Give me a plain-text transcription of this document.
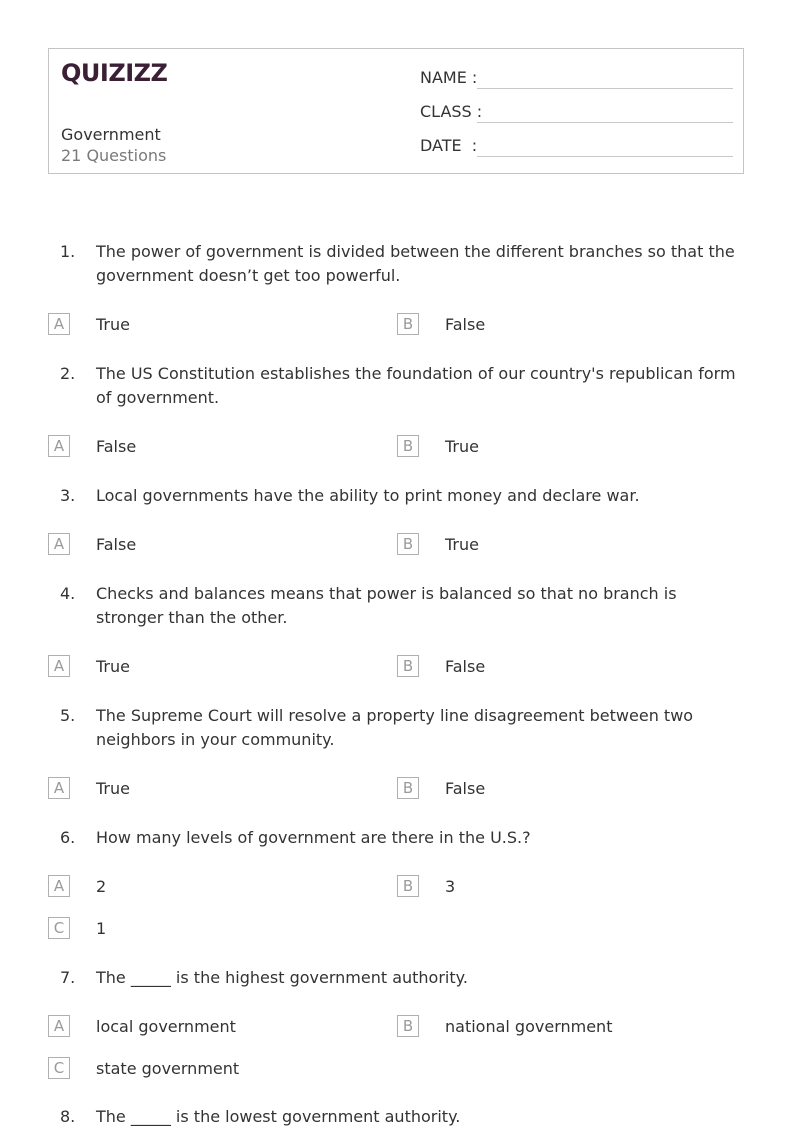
QUIZIZZ
Government
21 Questions
NAME :
CLASS :
DATE  :
1.	The power of government is divided between the different branches so that the government doesn’t get too powerful.
A	True	B	False
2.	The US Constitution establishes the foundation of our country's republican form of government.
A	False	B	True
3.	Local governments have the ability to print money and declare war.
A	False	B	True
4.	Checks and balances means that power is balanced so that no branch is stronger than the other.
A	True	B	False
5.	The Supreme Court will resolve a property line disagreement between two neighbors in your community.
A	True	B	False
6.	How many levels of government are there in the U.S.?
A	2	B	3
C	1
7.	The _____ is the highest government authority.
A	local government	B	national government
C	state government
8.	The _____ is the lowest government authority.
